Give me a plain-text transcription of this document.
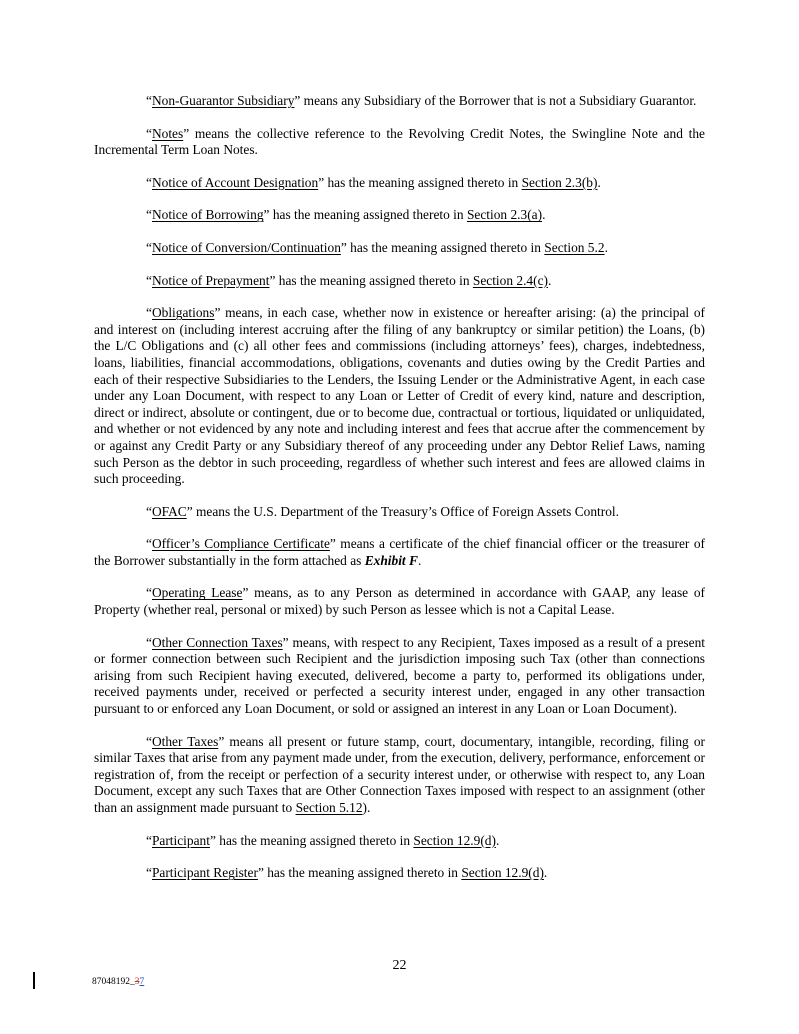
“Non-Guarantor Subsidiary” means any Subsidiary of the Borrower that is not a Subsidiary Guarantor.

“Notes” means the collective reference to the Revolving Credit Notes, the Swingline Note and the Incremental Term Loan Notes.

“Notice of Account Designation” has the meaning assigned thereto in Section 2.3(b).

“Notice of Borrowing” has the meaning assigned thereto in Section 2.3(a).

“Notice of Conversion/Continuation” has the meaning assigned thereto in Section 5.2.

“Notice of Prepayment” has the meaning assigned thereto in Section 2.4(c).

“Obligations” means, in each case, whether now in existence or hereafter arising: (a) the principal of and interest on (including interest accruing after the filing of any bankruptcy or similar petition) the Loans, (b) the L/C Obligations and (c) all other fees and commissions (including attorneys’ fees), charges, indebtedness, loans, liabilities, financial accommodations, obligations, covenants and duties owing by the Credit Parties and each of their respective Subsidiaries to the Lenders, the Issuing Lender or the Administrative Agent, in each case under any Loan Document, with respect to any Loan or Letter of Credit of every kind, nature and description, direct or indirect, absolute or contingent, due or to become due, contractual or tortious, liquidated or unliquidated, and whether or not evidenced by any note and including interest and fees that accrue after the commencement by or against any Credit Party or any Subsidiary thereof of any proceeding under any Debtor Relief Laws, naming such Person as the debtor in such proceeding, regardless of whether such interest and fees are allowed claims in such proceeding.

“OFAC” means the U.S. Department of the Treasury’s Office of Foreign Assets Control.

“Officer’s Compliance Certificate” means a certificate of the chief financial officer or the treasurer of the Borrower substantially in the form attached as Exhibit F.

“Operating Lease” means, as to any Person as determined in accordance with GAAP, any lease of Property (whether real, personal or mixed) by such Person as lessee which is not a Capital Lease.

“Other Connection Taxes” means, with respect to any Recipient, Taxes imposed as a result of a present or former connection between such Recipient and the jurisdiction imposing such Tax (other than connections arising from such Recipient having executed, delivered, become a party to, performed its obligations under, received payments under, received or perfected a security interest under, engaged in any other transaction pursuant to or enforced any Loan Document, or sold or assigned an interest in any Loan or Loan Document).

“Other Taxes” means all present or future stamp, court, documentary, intangible, recording, filing or similar Taxes that arise from any payment made under, from the execution, delivery, performance, enforcement or registration of, from the receipt or perfection of a security interest under, or otherwise with respect to, any Loan Document, except any such Taxes that are Other Connection Taxes imposed with respect to an assignment (other than an assignment made pursuant to Section 5.12).

“Participant” has the meaning assigned thereto in Section 12.9(d).

“Participant Register” has the meaning assigned thereto in Section 12.9(d).

22
87048192_37
